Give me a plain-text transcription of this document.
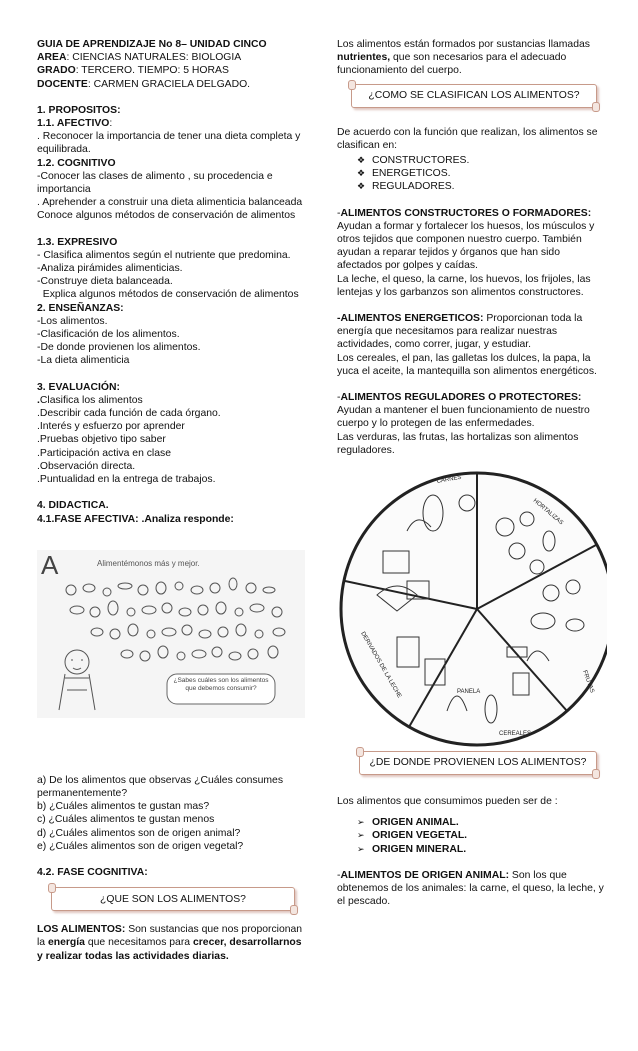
GUIA DE APRENDIZAJE No 8– UNIDAD CINCO

AREA: CIENCIAS NATURALES: BIOLOGIA

GRADO: TERCERO. TIEMPO: 5 HORAS

DOCENTE: CARMEN GRACIELA DELGADO.

1. PROPOSITOS:

1.1. AFECTIVO:

. Reconocer la importancia de tener una dieta completa y equilibrada.

1.2. COGNITIVO

-Conocer las clases de alimento , su procedencia e importancia

. Aprehender a construir una dieta alimenticia balanceada

Conoce algunos métodos de conservación de alimentos

1.3. EXPRESIVO

- Clasifica alimentos según el nutriente que predomina.

-Analiza pirámides alimenticias.

-Construye dieta balanceada.

Explica algunos métodos de conservación de alimentos

2. ENSEÑANZAS:

-Los alimentos.

-Clasificación de los alimentos.

-De donde provienen los alimentos.

-La dieta alimenticia

3. EVALUACIÓN:

.Clasifica los alimentos

.Describir cada función de cada órgano.

.Interés y esfuerzo por aprender

.Pruebas objetivo tipo saber

.Participación activa en clase

.Observación directa.

.Puntualidad en la entrega de trabajos.

4. DIDACTICA.

4.1.FASE AFECTIVA: .Analiza responde:

A	Alimentémonos más y mejor.
¿Sabes cuáles son los alimentos que debemos consumir?

a) De los alimentos que observas ¿Cuáles consumes permanentemente?

b) ¿Cuáles alimentos te gustan mas?

c) ¿Cuáles alimentos te gustan menos

d) ¿Cuáles alimentos son de origen animal?

e) ¿Cuáles alimentos son de origen vegetal?

4.2. FASE COGNITIVA:

¿QUE SON LOS ALIMENTOS?

LOS ALIMENTOS: Son sustancias que nos proporcionan la energía que necesitamos para crecer, desarrollarnos y realizar todas las actividades diarias.

Los alimentos están formados por sustancias llamadas nutrientes, que son necesarios para el adecuado funcionamiento del cuerpo.

¿COMO SE CLASIFICAN LOS ALIMENTOS?

De acuerdo con la función que realizan, los alimentos se clasifican en:

❖ CONSTRUCTORES.
❖ ENERGETICOS.
❖ REGULADORES.

-ALIMENTOS CONSTRUCTORES O FORMADORES:

Ayudan a formar y fortalecer los huesos, los músculos y otros tejidos que componen nuestro cuerpo. También ayudan a reparar tejidos y órganos que han sido afectados por golpes y caídas.

La leche, el queso, la carne, los huevos, los frijoles, las lentejas y los garbanzos son alimentos constructores.

-ALIMENTOS ENERGETICOS: Proporcionan toda la energía que necesitamos para realizar nuestras actividades, como correr, jugar, y estudiar.

Los cereales, el pan, las galletas los dulces, la papa, la yuca el aceite, la mantequilla son alimentos energéticos.

-ALIMENTOS REGULADORES O PROTECTORES: Ayudan a mantener el buen funcionamiento de nuestro cuerpo y lo protegen de las enfermedades.

Las verduras, las frutas, las hortalizas son alimentos reguladores.

CARNES
HORTALIZAS
FRUTAS
CEREALES
DERIVADOS DE LA LECHE	PANELA
¿DE DONDE PROVIENEN LOS ALIMENTOS?

Los alimentos que consumimos pueden ser de :

➢ ORIGEN ANIMAL.
➢ ORIGEN VEGETAL.
➢ ORIGEN MINERAL.

-ALIMENTOS DE ORIGEN ANIMAL: Son los que obtenemos de los animales: la carne, el queso, la leche, y el pescado.
